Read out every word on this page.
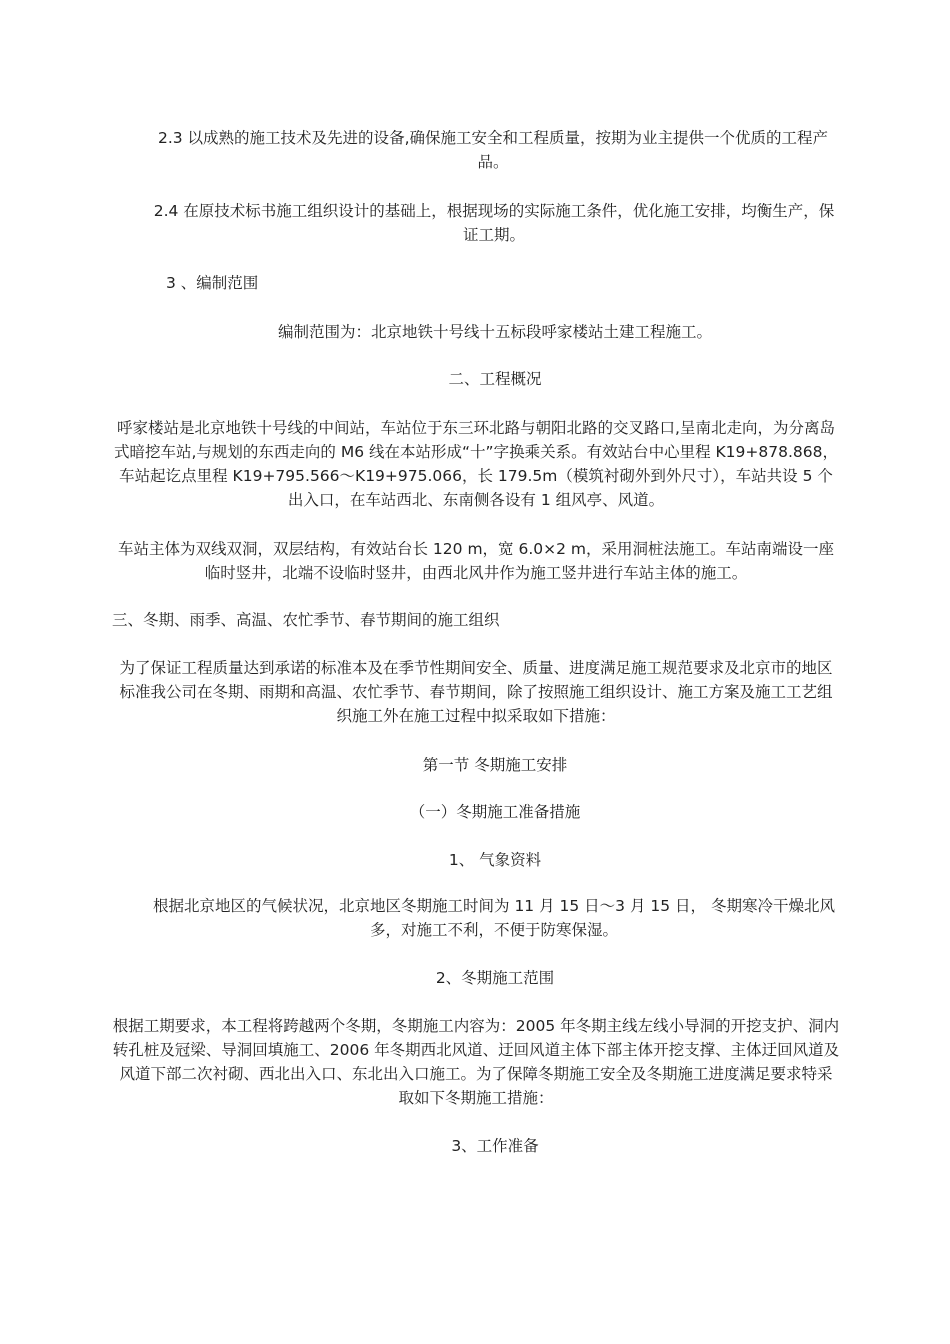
2.3 以成熟的施工技术及先进的设备,确保施工安全和工程质量，按期为业主提供一个优质的工程产品。

2.4 在原技术标书施工组织设计的基础上，根据现场的实际施工条件，优化施工安排，均衡生产，保证工期。

3 、编制范围

编制范围为：北京地铁十号线十五标段呼家楼站土建工程施工。

二、工程概况

呼家楼站是北京地铁十号线的中间站，车站位于东三环北路与朝阳北路的交叉路口,呈南北走向，为分离岛式暗挖车站,与规划的东西走向的 M6 线在本站形成“十”字换乘关系。有效站台中心里程 K19+878.868，车站起讫点里程 K19+795.566～K19+975.066，长 179.5m（模筑衬砌外到外尺寸），车站共设 5 个出入口，在车站西北、东南侧各设有 1 组风亭、风道。

车站主体为双线双洞，双层结构，有效站台长 120 m，宽 6.0×2 m，采用洞桩法施工。车站南端设一座临时竖井，北端不设临时竖井，由西北风井作为施工竖井进行车站主体的施工。

三、冬期、雨季、高温、农忙季节、春节期间的施工组织

为了保证工程质量达到承诺的标准本及在季节性期间安全、质量、进度满足施工规范要求及北京市的地区标准我公司在冬期、雨期和高温、农忙季节、春节期间，除了按照施工组织设计、施工方案及施工工艺组织施工外在施工过程中拟采取如下措施：

第一节 冬期施工安排

（一）冬期施工准备措施

1、 气象资料

根据北京地区的气候状况，北京地区冬期施工时间为 11 月 15 日～3 月 15 日， 冬期寒冷干燥北风多，对施工不利，不便于防寒保湿。

2、冬期施工范围

根据工期要求，本工程将跨越两个冬期，冬期施工内容为：2005 年冬期主线左线小导洞的开挖支护、洞内转孔桩及冠梁、导洞回填施工、2006 年冬期西北风道、迂回风道主体下部主体开挖支撑、主体迂回风道及风道下部二次衬砌、西北出入口、东北出入口施工。为了保障冬期施工安全及冬期施工进度满足要求特采取如下冬期施工措施：

3、工作准备
